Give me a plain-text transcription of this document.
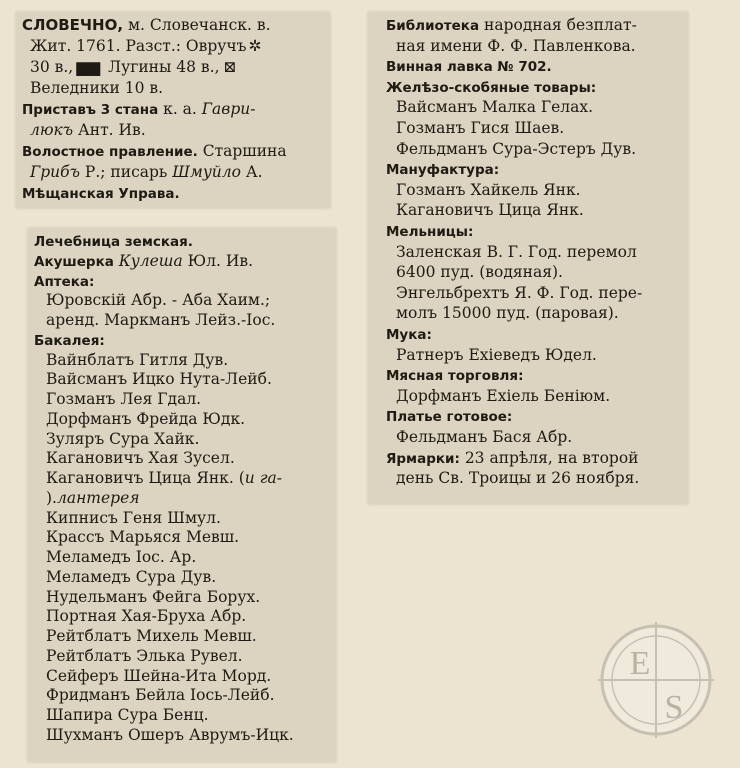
СЛОВЕЧНО, м. Словечанск. в.
Жит. 1761. Разст.: Овручъ ✲
30 в., ▆▆ Лугины 48 в., ⊠
Веледники 10 в.
Приставъ 3 стана к. а. Гаври-
люкъ Ант. Ив.
Волостное правление. Старшина
Грибъ Р.; писарь Шмуйло А.
Мѣщанская Управа.
Библиотека народная безплат-
ная имени Ф. Ф. Павленкова.
Винная лавка № 702.
Желѣзо-скобяные товары:
Вайсманъ Малка Гелах.
Гозманъ Гися Шаев.
Фельдманъ Сура-Эстеръ Дув.
Мануфактура:
Гозманъ Хайкель Янк.
Кагановичъ Цица Янк.
Мельницы:
Заленская В. Г. Год. перемол
6400 пуд. (водяная).
Энгельбрехтъ Я. Ф. Год. пере-
молъ 15000 пуд. (паровая).
Мука:
Ратнеръ Ехіеведъ Юдел.
Мясная торговля:
Дорфманъ Ехіель Беніюм.
Платье готовое:
Фельдманъ Бася Абр.
Ярмарки: 23 апрѣля, на второй
день Св. Троицы и 26 ноября.
Лечебница земская.
Акушерка Кулеша Юл. Ив.
Аптека:
Юровскій Абр. - Аба Хаим.;
аренд. Маркманъ Лейз.-Іос.
Бакалея:
Вайнблатъ Гитля Дув.
Вайсманъ Ицко Нута-Лейб.
Гозманъ Лея Гдал.
Дорфманъ Фрейда Юдк.
Зуляръ Сура Хайк.
Кагановичъ Хая Зусел.
Кагановичъ Цица Янк. (и га-
).лантерея
Кипнисъ Геня Шмул.
Крассъ Марьяся Мевш.
Меламедъ Іос. Ар.
Меламедъ Сура Дув.
Нудельманъ Фейга Борух.
Портная Хая-Бруха Абр.
Рейтблатъ Михель Мевш.
Рейтблатъ Элька Рувел.
Сейферъ Шейна-Ита Морд.
Фридманъ Бейла Іось-Лейб.
Шапира Сура Бенц.
Шухманъ Ошеръ Аврумъ-Ицк.
E
S
